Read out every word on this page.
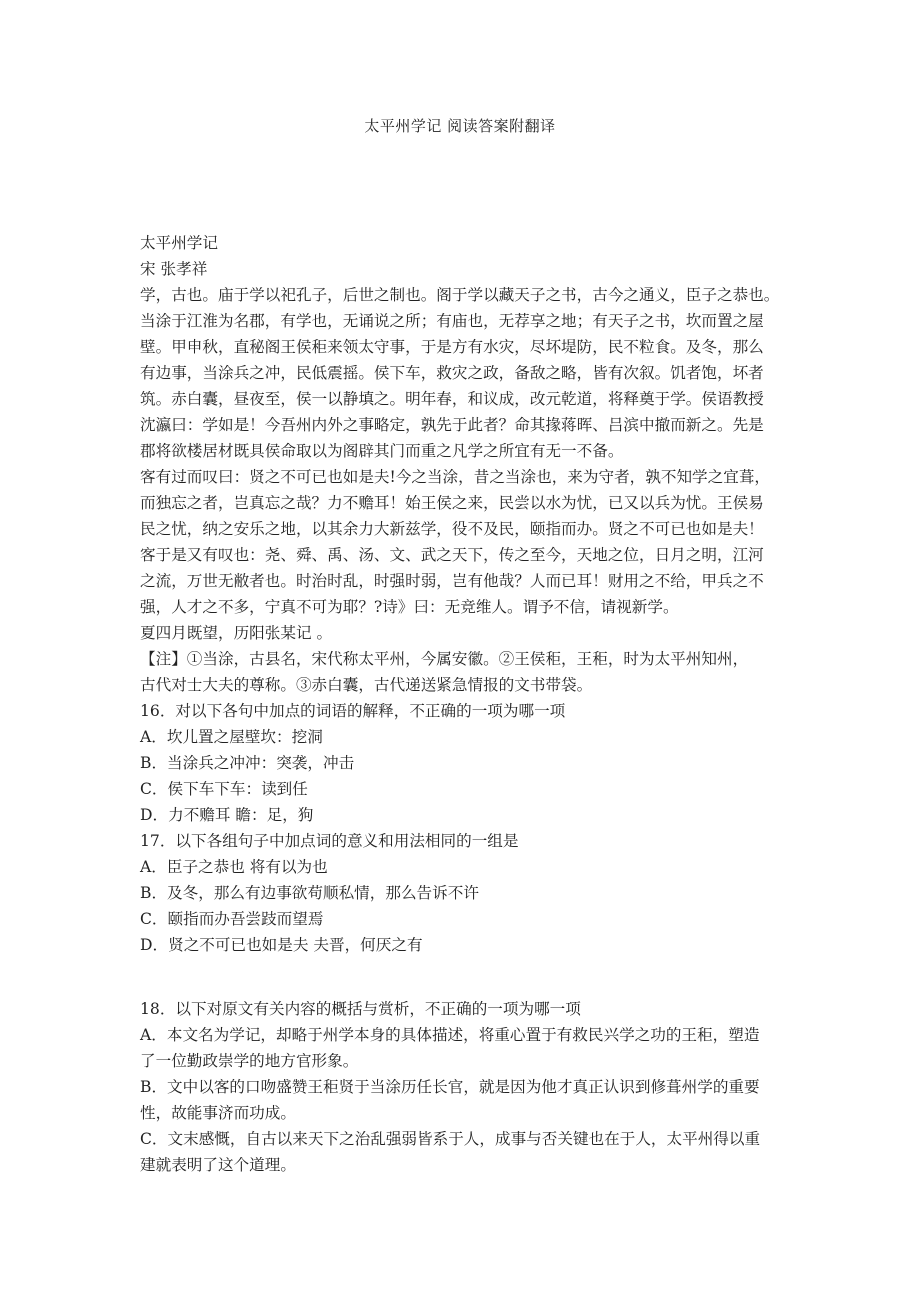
太平州学记 阅读答案附翻译
太平州学记
宋 张孝祥
学，古也。庙于学以祀孔子，后世之制也。阁于学以藏天子之书，古今之通义，臣子之恭也。
当涂于江淮为名郡，有学也，无诵说之所；有庙也，无荐享之地；有天子之书，坎而置之屋
壁。甲申秋，直秘阁王侯秬来领太守事，于是方有水灾，尽坏堤防，民不粒食。及冬，那么
有边事，当涂兵之冲，民低震摇。侯下车，救灾之政，备敌之略，皆有次叙。饥者饱，坏者
筑。赤白囊，昼夜至，侯一以静填之。明年春，和议成，改元乾道，将释奠于学。侯语教授
沈瀛曰：学如是！今吾州内外之事略定，孰先于此者？命其掾蒋晖、吕滨中撤而新之。先是
郡将欲楼居材既具侯命取以为阁辟其门而重之凡学之所宜有无一不备。
客有过而叹曰：贤之不可已也如是夫!今之当涂，昔之当涂也，来为守者，孰不知学之宜葺，
而独忘之者，岂真忘之哉？力不赡耳！始王侯之来，民尝以水为忧，已又以兵为忧。王侯易
民之忧，纳之安乐之地，以其余力大新兹学，役不及民，颐指而办。贤之不可已也如是夫！
客于是又有叹也：尧、舜、禹、汤、文、武之天下，传之至今，天地之位，日月之明，江河
之流，万世无敝者也。时治时乱，时强时弱，岂有他哉？人而已耳！财用之不给，甲兵之不
强，人才之不多，宁真不可为耶？?诗》曰：无竞维人。谓予不信，请视新学。
夏四月既望，历阳张某记 。
【注】①当涂，古县名，宋代称太平州，今属安徽。②王侯秬，王秬，时为太平州知州，
古代对士大夫的尊称。③赤白囊，古代递送紧急情报的文书带袋。
16．对以下各句中加点的词语的解释，不正确的一项为哪一项
A．坎儿置之屋壁坎：挖洞
B．当涂兵之冲冲：突袭，冲击
C．侯下车下车：读到任
D．力不赡耳 瞻：足，狗
17．以下各组句子中加点词的意义和用法相同的一组是
A．臣子之恭也 将有以为也
B．及冬，那么有边事欲苟顺私情，那么告诉不许
C．颐指而办吾尝跂而望焉
D．贤之不可已也如是夫 夫晋，何厌之有
18．以下对原文有关内容的概括与赏析，不正确的一项为哪一项
A．本文名为学记，却略于州学本身的具体描述，将重心置于有救民兴学之功的王秬，塑造
了一位勤政崇学的地方官形象。
B．文中以客的口吻盛赞王秬贤于当涂历任长官，就是因为他才真正认识到修葺州学的重要
性，故能事济而功成。
C．文末感慨，自古以来天下之治乱强弱皆系于人，成事与否关键也在于人，太平州得以重
建就表明了这个道理。
